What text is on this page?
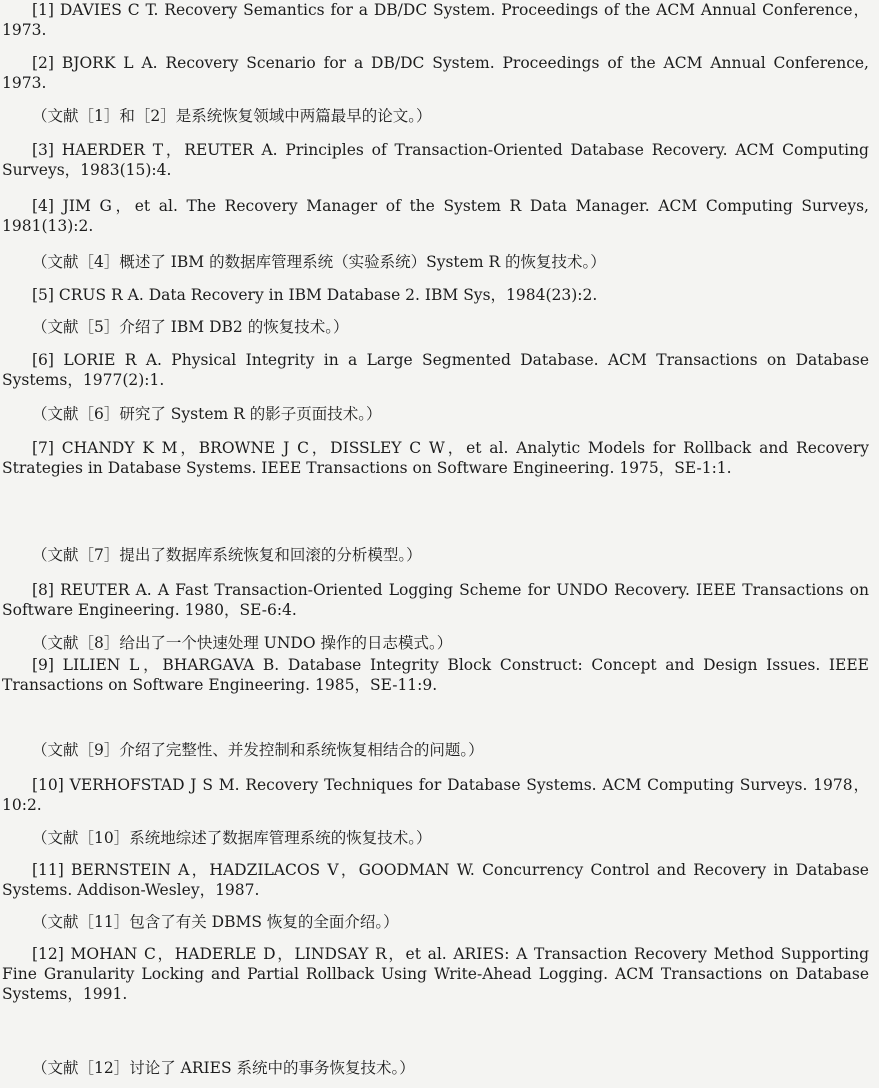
[1] DAVIES C T. Recovery Semantics for a DB/DC System. Proceedings of the ACM Annual Conference，1973.

[2] BJORK L A. Recovery Scenario for a DB/DC System. Proceedings of the ACM Annual Conference, 1973.

（文献［1］和［2］是系统恢复领域中两篇最早的论文。）

[3] HAERDER T，REUTER A. Principles of Transaction-Oriented Database Recovery. ACM Computing Surveys，1983(15):4.

[4] JIM G，et al. The Recovery Manager of the System R Data Manager. ACM Computing Surveys, 1981(13):2.

（文献［4］概述了 IBM 的数据库管理系统（实验系统）System R 的恢复技术。）

[5] CRUS R A. Data Recovery in IBM Database 2. IBM Sys，1984(23):2.

（文献［5］介绍了 IBM DB2 的恢复技术。）

[6] LORIE R A. Physical Integrity in a Large Segmented Database. ACM Transactions on Database Systems，1977(2):1.

（文献［6］研究了 System R 的影子页面技术。）

[7] CHANDY K M，BROWNE J C，DISSLEY C W，et al. Analytic Models for Rollback and Recovery Strategies in Database Systems. IEEE Transactions on Software Engineering. 1975，SE-1:1.

（文献［7］提出了数据库系统恢复和回滚的分析模型。）

[8] REUTER A. A Fast Transaction-Oriented Logging Scheme for UNDO Recovery. IEEE Transactions on Software Engineering. 1980，SE-6:4.

（文献［8］给出了一个快速处理 UNDO 操作的日志模式。）

[9] LILIEN L，BHARGAVA B. Database Integrity Block Construct: Concept and Design Issues. IEEE Transactions on Software Engineering. 1985，SE-11:9.

（文献［9］介绍了完整性、并发控制和系统恢复相结合的问题。）

[10] VERHOFSTAD J S M. Recovery Techniques for Database Systems. ACM Computing Surveys. 1978，10:2.

（文献［10］系统地综述了数据库管理系统的恢复技术。）

[11] BERNSTEIN A，HADZILACOS V，GOODMAN W. Concurrency Control and Recovery in Database Systems. Addison-Wesley，1987.

（文献［11］包含了有关 DBMS 恢复的全面介绍。）

[12] MOHAN C，HADERLE D，LINDSAY R，et al. ARIES: A Transaction Recovery Method Supporting Fine Granularity Locking and Partial Rollback Using Write-Ahead Logging. ACM Transactions on Database Systems，1991.

（文献［12］讨论了 ARIES 系统中的事务恢复技术。）
